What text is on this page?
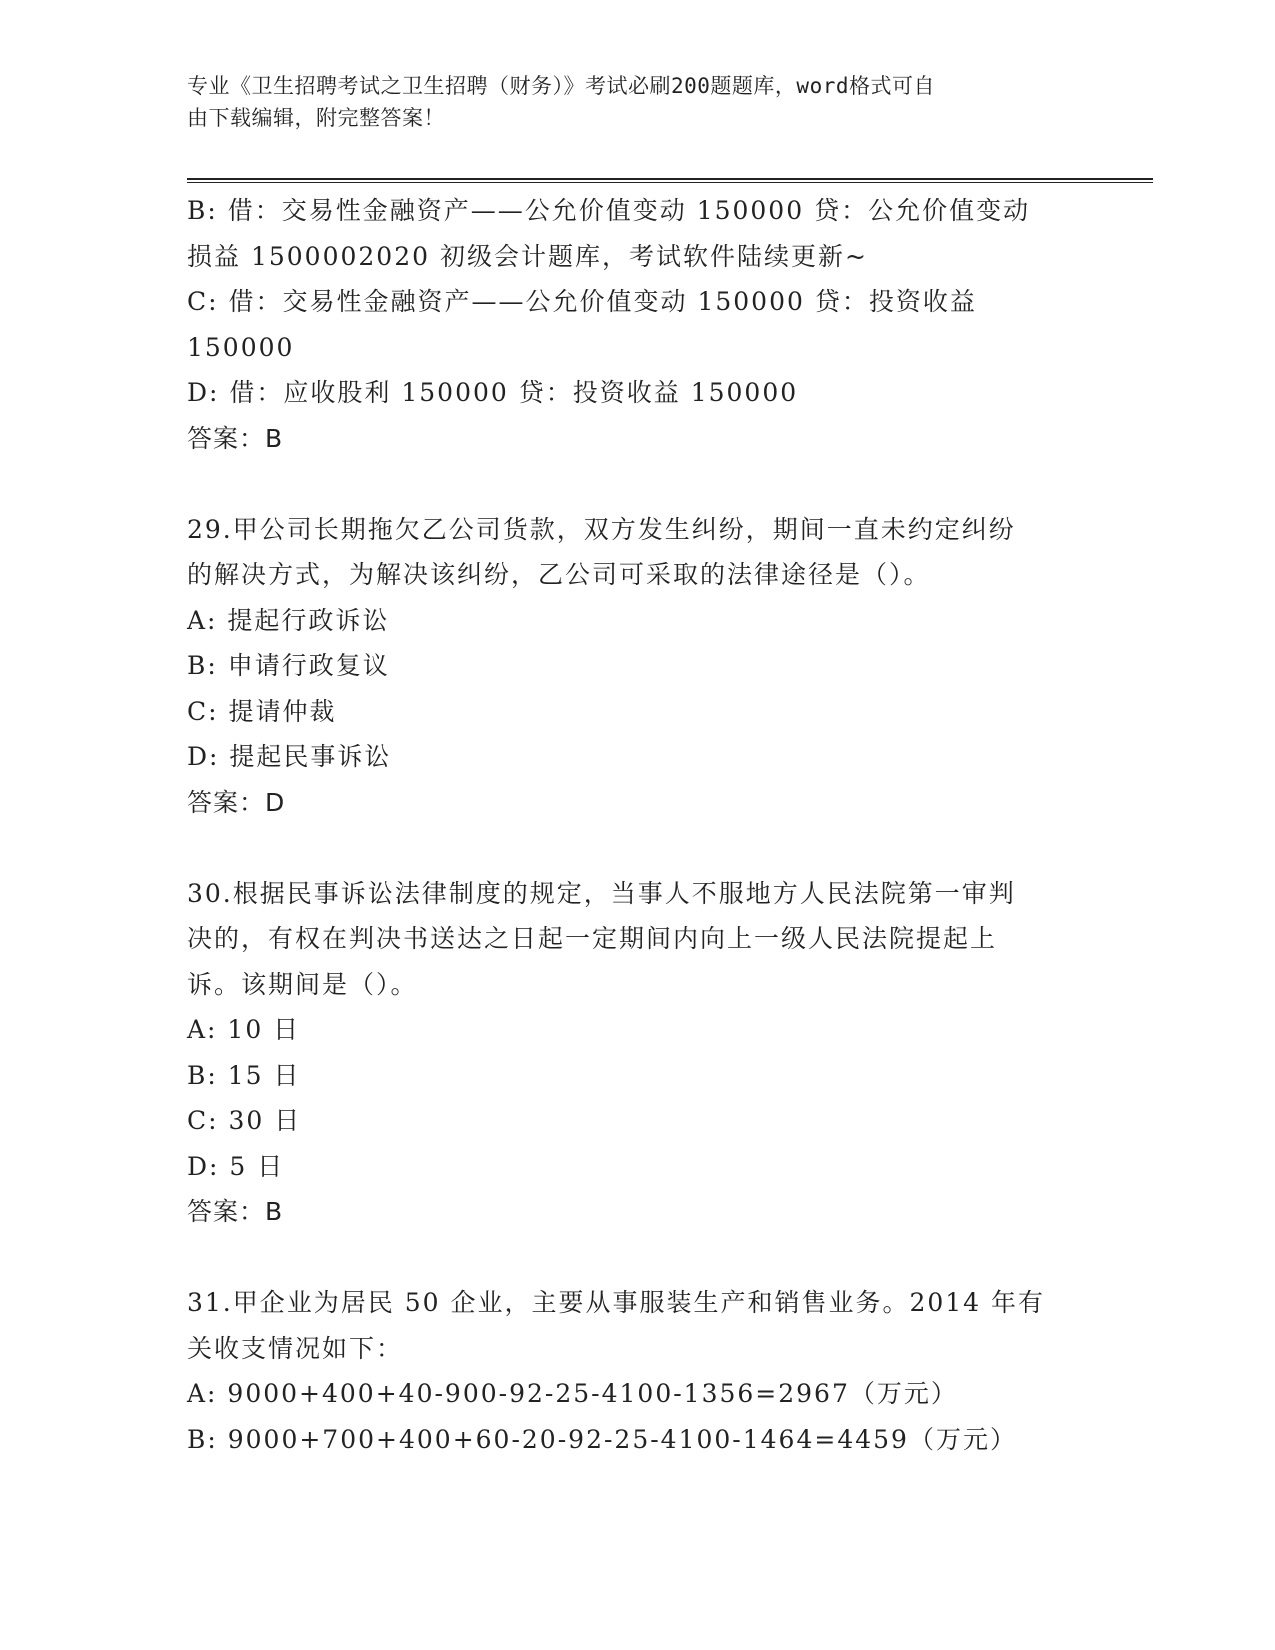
专业《卫生招聘考试之卫生招聘（财务）》考试必刷200题题库，word格式可自
由下载编辑，附完整答案！
B: 借：交易性金融资产——公允价值变动 150000 贷：公允价值变动
损益 1500002020 初级会计题库，考试软件陆续更新~
C: 借：交易性金融资产——公允价值变动 150000 贷：投资收益
150000
D: 借：应收股利 150000 贷：投资收益 150000
答案：B
29.甲公司长期拖欠乙公司货款，双方发生纠纷，期间一直未约定纠纷
的解决方式，为解决该纠纷，乙公司可采取的法律途径是（）。
A: 提起行政诉讼
B: 申请行政复议
C: 提请仲裁
D: 提起民事诉讼
答案：D
30.根据民事诉讼法律制度的规定，当事人不服地方人民法院第一审判
决的，有权在判决书送达之日起一定期间内向上一级人民法院提起上
诉。该期间是（）。
A: 10 日
B: 15 日
C: 30 日
D: 5 日
答案：B
31.甲企业为居民 50 企业，主要从事服装生产和销售业务。2014 年有
关收支情况如下：
A: 9000+400+40-900-92-25-4100-1356=2967（万元）
B: 9000+700+400+60-20-92-25-4100-1464=4459（万元）
